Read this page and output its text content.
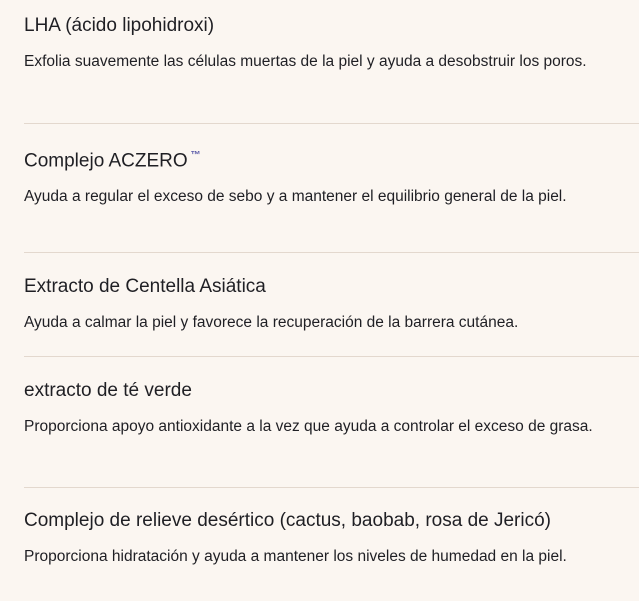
LHA (ácido lipohidroxi)
Exfolia suavemente las células muertas de la piel y ayuda a desobstruir los poros.
Complejo ACZERO ™
Ayuda a regular el exceso de sebo y a mantener el equilibrio general de la piel.
Extracto de Centella Asiática
Ayuda a calmar la piel y favorece la recuperación de la barrera cutánea.
extracto de té verde
Proporciona apoyo antioxidante a la vez que ayuda a controlar el exceso de grasa.
Complejo de relieve desértico (cactus, baobab, rosa de Jericó)
Proporciona hidratación y ayuda a mantener los niveles de humedad en la piel.
